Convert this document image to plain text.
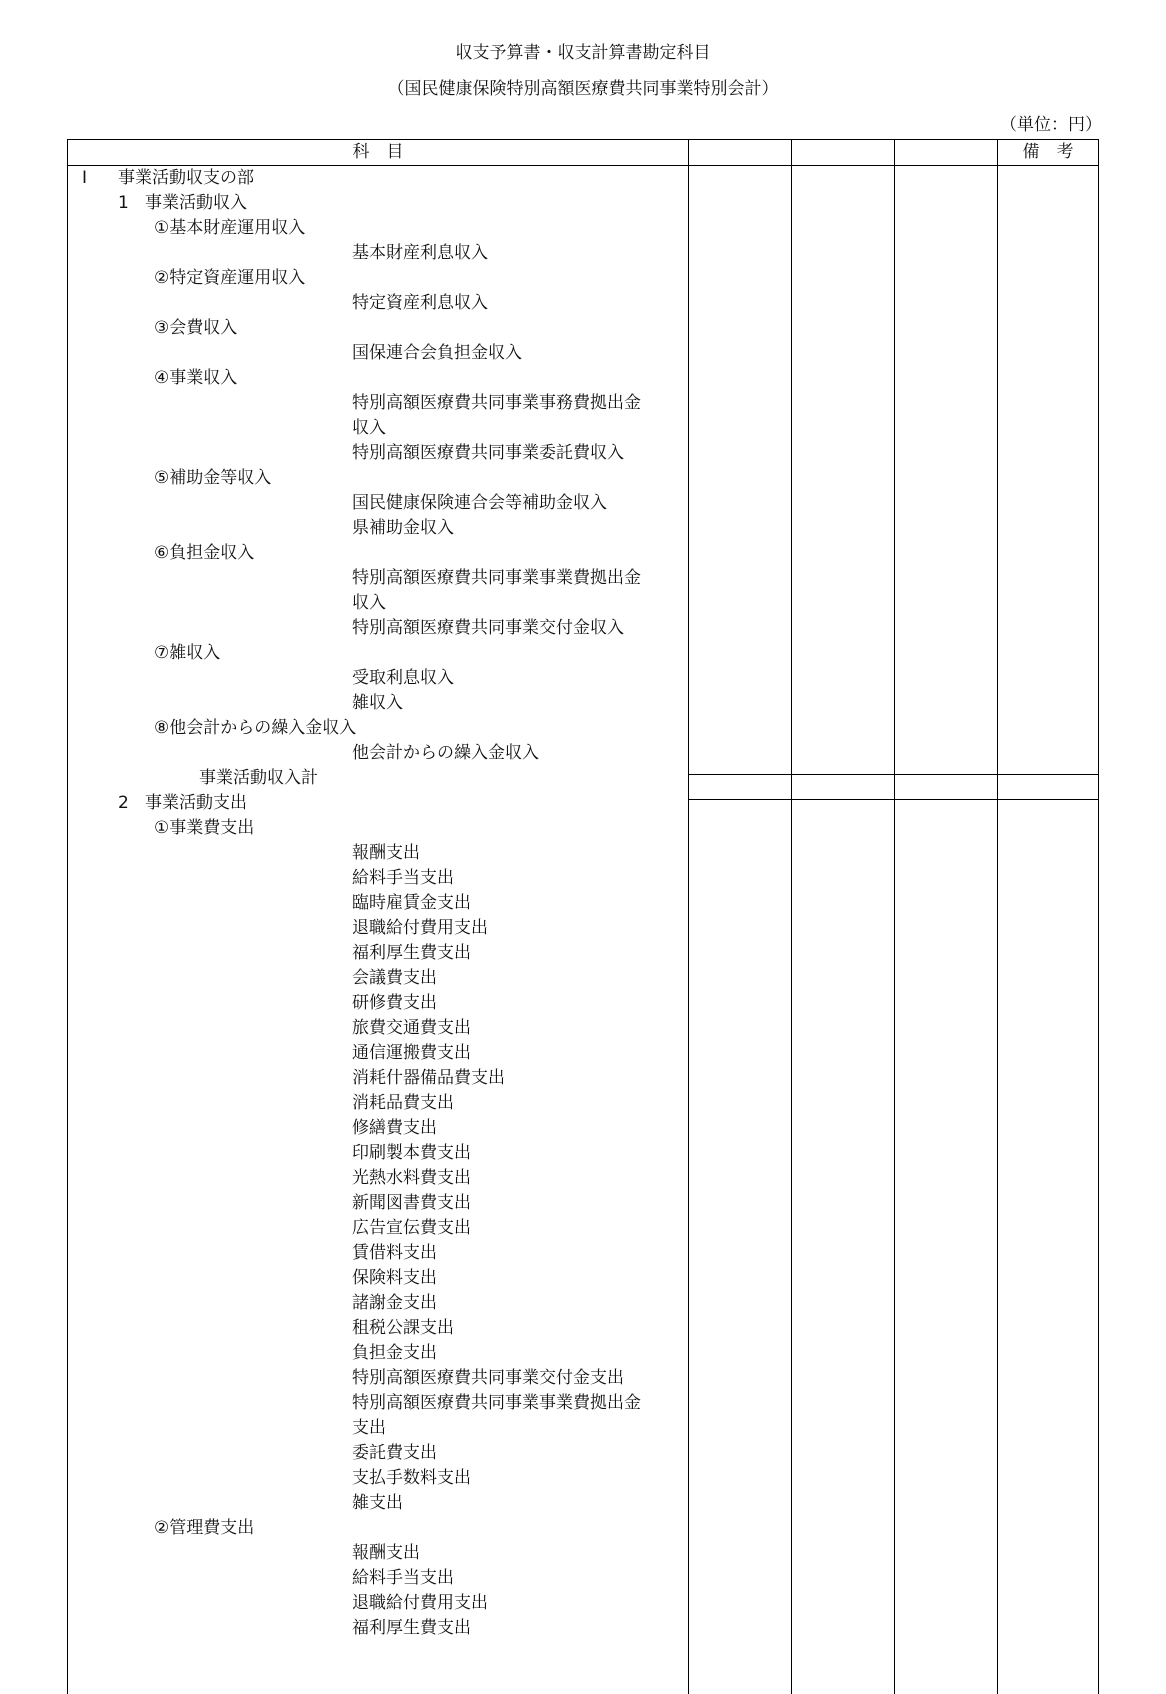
収支予算書・収支計算書勘定科目
（国民健康保険特別高額医療費共同事業特別会計）
（単位：円）
科　目	備　考
Ⅰ 事業活動収支の部
1 事業活動収入
①基本財産運用収入
基本財産利息収入
②特定資産運用収入
特定資産利息収入
③会費収入
国保連合会負担金収入
④事業収入
特別高額医療費共同事業事務費拠出金
収入
特別高額医療費共同事業委託費収入
⑤補助金等収入
国民健康保険連合会等補助金収入
県補助金収入
⑥負担金収入
特別高額医療費共同事業事業費拠出金
収入
特別高額医療費共同事業交付金収入
⑦雑収入
受取利息収入
雑収入
⑧他会計からの繰入金収入
他会計からの繰入金収入
事業活動収入計
2 事業活動支出
①事業費支出
報酬支出
給料手当支出
臨時雇賃金支出
退職給付費用支出
福利厚生費支出
会議費支出
研修費支出
旅費交通費支出
通信運搬費支出
消耗什器備品費支出
消耗品費支出
修繕費支出
印刷製本費支出
光熱水料費支出
新聞図書費支出
広告宣伝費支出
賃借料支出
保険料支出
諸謝金支出
租税公課支出
負担金支出
特別高額医療費共同事業交付金支出
特別高額医療費共同事業事業費拠出金
支出
委託費支出
支払手数料支出
雑支出
②管理費支出
報酬支出
給料手当支出
退職給付費用支出
福利厚生費支出
